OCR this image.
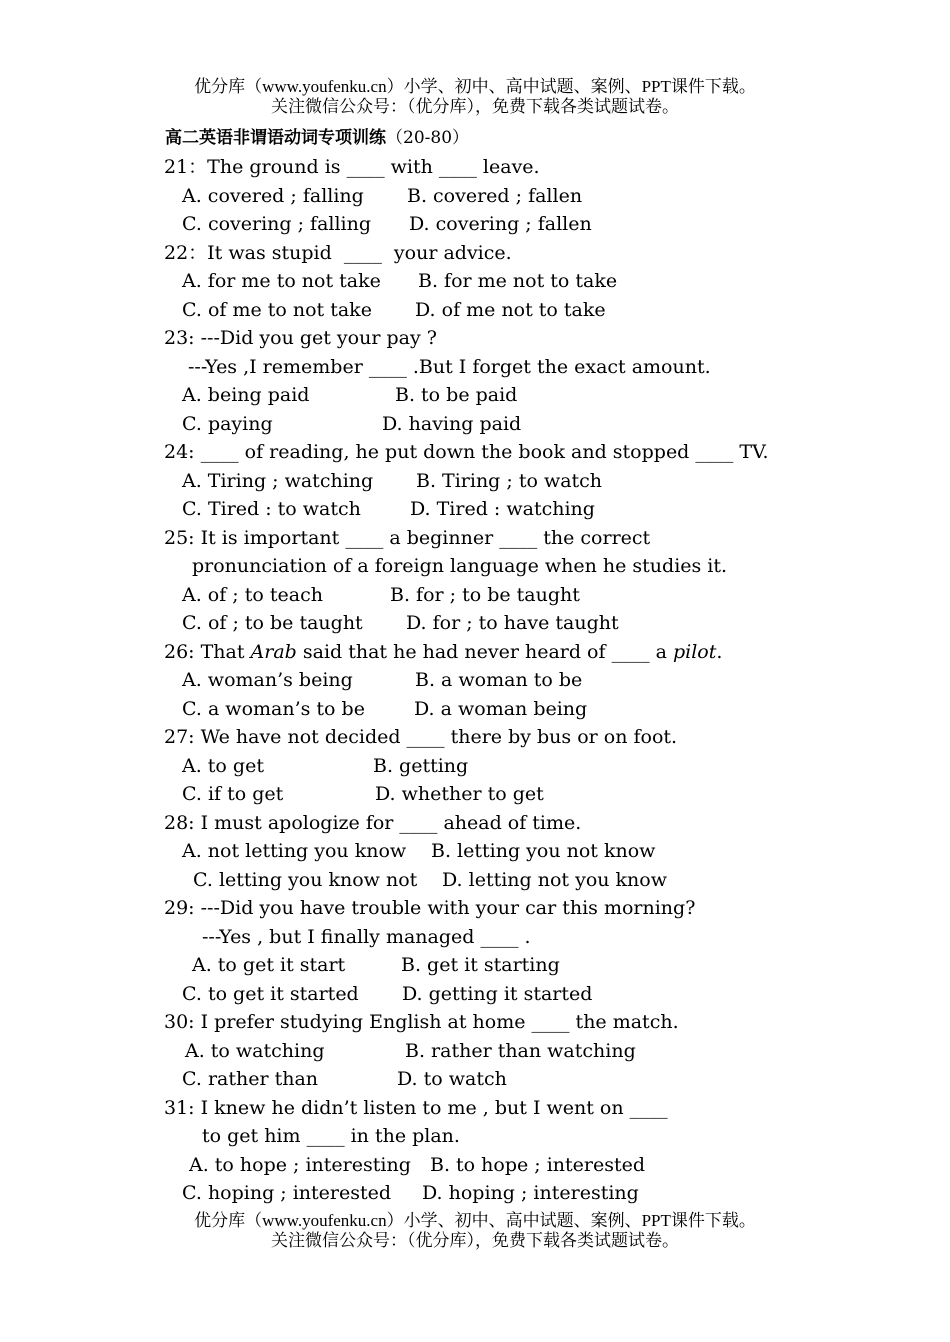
优分库（www.youfenku.cn）小学、初中、高中试题、案例、PPT课件下载。
关注微信公众号：（优分库），免费下载各类试题试卷。
高二英语非谓语动词专项训练（20-80）
21：The ground is ____ with ____ leave.
A. covered ; falling B. covered ; fallen
C. covering ; falling D. covering ; fallen
22：It was stupid  ____  your advice.
A. for me to not take B. for me not to take
C. of me to not take D. of me not to take
23: ---Did you get your pay ?
---Yes ,I remember ____ .But I forget the exact amount.
A. being paid	B. to be paid
C. paying	D. having paid
24: ____ of reading, he put down the book and stopped ____ TV.
A. Tiring ; watching B. Tiring ; to watch
C. Tired : to watch	D. Tired : watching
25: It is important ____ a beginner ____ the correct
pronunciation of a foreign language when he studies it.
A. of ; to teach	B. for ; to be taught
C. of ; to be taught D. for ; to have taught
26: That Arab said that he had never heard of ____ a pilot.
A. woman’s being	B. a woman to be
C. a woman’s to be	D. a woman being
27: We have not decided ____ there by bus or on foot.
A. to get	B. getting
C. if to get	D. whether to get
28: I must apologize for ____ ahead of time.
A. not letting you know B. letting you not know
C. letting you know not D. letting not you know
29: ---Did you have trouble with your car this morning?
---Yes , but I finally managed ____ .
A. to get it start	B. get it starting
C. to get it started D. getting it started
30: I prefer studying English at home ____ the match.
A. to watching	B. rather than watching
C. rather than	D. to watch
31: I knew he didn’t listen to me , but I went on ____
to get him ____ in the plan.
A. to hope ; interesting B. to hope ; interested
C. hoping ; interested D. hoping ; interesting
优分库（www.youfenku.cn）小学、初中、高中试题、案例、PPT课件下载。
关注微信公众号：（优分库），免费下载各类试题试卷。
